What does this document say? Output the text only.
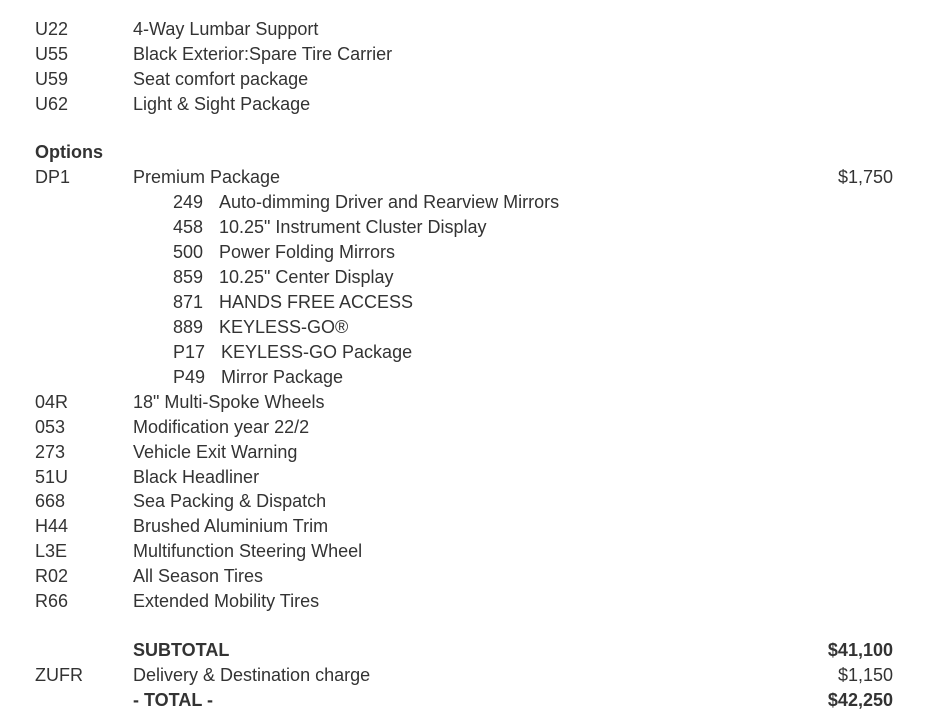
U22	4-Way Lumbar Support
U55	Black Exterior:Spare Tire Carrier
U59	Seat comfort package
U62	Light & Sight Package
Options
DP1	Premium Package	$1,750
249 Auto-dimming Driver and Rearview Mirrors
458 10.25" Instrument Cluster Display
500 Power Folding Mirrors
859 10.25" Center Display
871 HANDS FREE ACCESS
889 KEYLESS-GO®
P17 KEYLESS-GO Package
P49 Mirror Package
04R	18" Multi-Spoke Wheels
053	Modification year 22/2
273	Vehicle Exit Warning
51U	Black Headliner
668	Sea Packing & Dispatch
H44	Brushed Aluminium Trim
L3E	Multifunction Steering Wheel
R02	All Season Tires
R66	Extended Mobility Tires
SUBTOTAL	$41,100
ZUFR	Delivery & Destination charge	$1,150
- TOTAL -	$42,250
